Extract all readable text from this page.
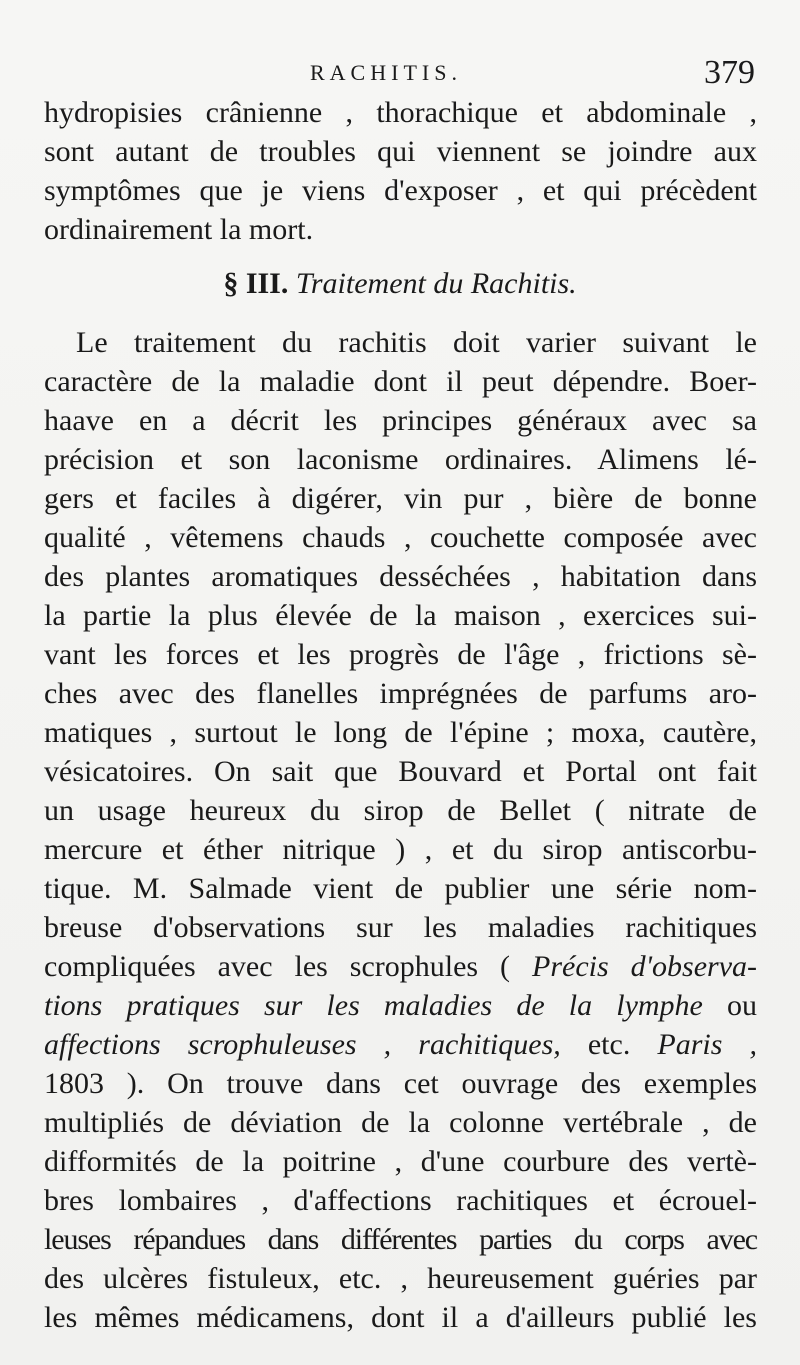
RACHITIS.	379
hydropisies crânienne , thorachique et abdominale ,
sont autant de troubles qui viennent se joindre aux
symptômes que je viens d'exposer , et qui précèdent
ordinairement la mort.
§ III. Traitement du Rachitis.
Le traitement du rachitis doit varier suivant le
caractère de la maladie dont il peut dépendre. Boer-
haave en a décrit les principes généraux avec sa
précision et son laconisme ordinaires. Alimens lé-
gers et faciles à digérer, vin pur , bière de bonne
qualité , vêtemens chauds , couchette composée avec
des plantes aromatiques desséchées , habitation dans
la partie la plus élevée de la maison , exercices sui-
vant les forces et les progrès de l'âge , frictions sè-
ches avec des flanelles imprégnées de parfums aro-
matiques , surtout le long de l'épine ; moxa, cautère,
vésicatoires. On sait que Bouvard et Portal ont fait
un usage heureux du sirop de Bellet ( nitrate de
mercure et éther nitrique ) , et du sirop antiscorbu-
tique. M. Salmade vient de publier une série nom-
breuse d'observations sur les maladies rachitiques
compliquées avec les scrophules ( Précis d'observa-
tions pratiques sur les maladies de la lymphe ou
affections scrophuleuses , rachitiques, etc. Paris ,
1803 ). On trouve dans cet ouvrage des exemples
multipliés de déviation de la colonne vertébrale , de
difformités de la poitrine , d'une courbure des vertè-
bres lombaires , d'affections rachitiques et écrouel-
leuses répandues dans différentes parties du corps avec
des ulcères fistuleux, etc. , heureusement guéries par
les mêmes médicamens, dont il a d'ailleurs publié les
